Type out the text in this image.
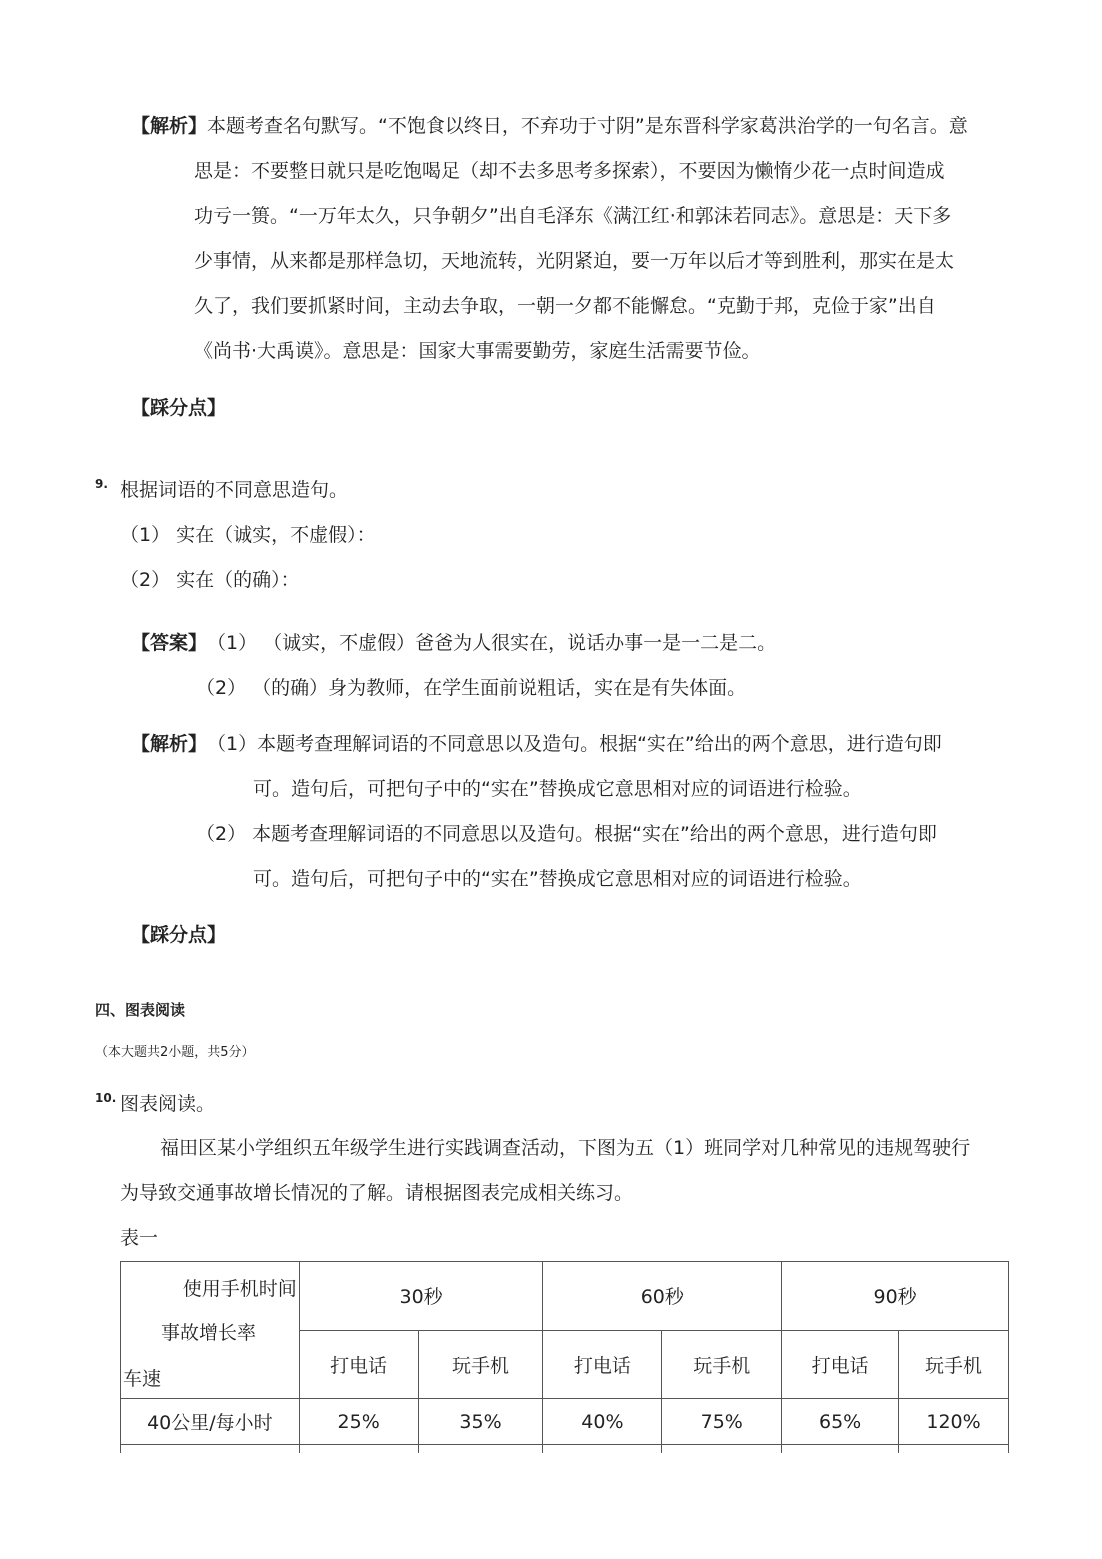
【解析】 本题考查名句默写。“不饱食以终日，不弃功于寸阴”是东晋科学家葛洪治学的一句名言。意
思是：不要整日就只是吃饱喝足（却不去多思考多探索），不要因为懒惰少花一点时间造成
功亏一篑。“一万年太久，只争朝夕”出自毛泽东《满江红·和郭沫若同志》。意思是：天下多
少事情，从来都是那样急切，天地流转，光阴紧迫，要一万年以后才等到胜利，那实在是太
久了，我们要抓紧时间，主动去争取，一朝一夕都不能懈怠。“克勤于邦，克俭于家”出自
《尚书·大禹谟》。意思是：国家大事需要勤劳，家庭生活需要节俭。
【踩分点】
9. 根据词语的不同意思造句。
（1） 实在（诚实，不虚假）：
（2） 实在（的确）：
【答案】 （1） （诚实，不虚假）爸爸为人很实在，说话办事一是一二是二。
（2） （的确）身为教师，在学生面前说粗话，实在是有失体面。
【解析】 （1）本题考查理解词语的不同意思以及造句。根据“实在”给出的两个意思，进行造句即
可。造句后，可把句子中的“实在”替换成它意思相对应的词语进行检验。
（2） 本题考查理解词语的不同意思以及造句。根据“实在”给出的两个意思，进行造句即
可。造句后，可把句子中的“实在”替换成它意思相对应的词语进行检验。
【踩分点】
四、图表阅读
（本大题共2小题，共5分）
10. 图表阅读。
福田区某小学组织五年级学生进行实践调查活动，下图为五（1）班同学对几种常见的违规驾驶行
为导致交通事故增长情况的了解。请根据图表完成相关练习。
表一
使用手机时间
事故增长率
车速	30秒		60秒		90秒	
	打电话	玩手机	打电话	玩手机	打电话	玩手机
40公里/每小时	25%	35%	40%	75%	65%	120%
